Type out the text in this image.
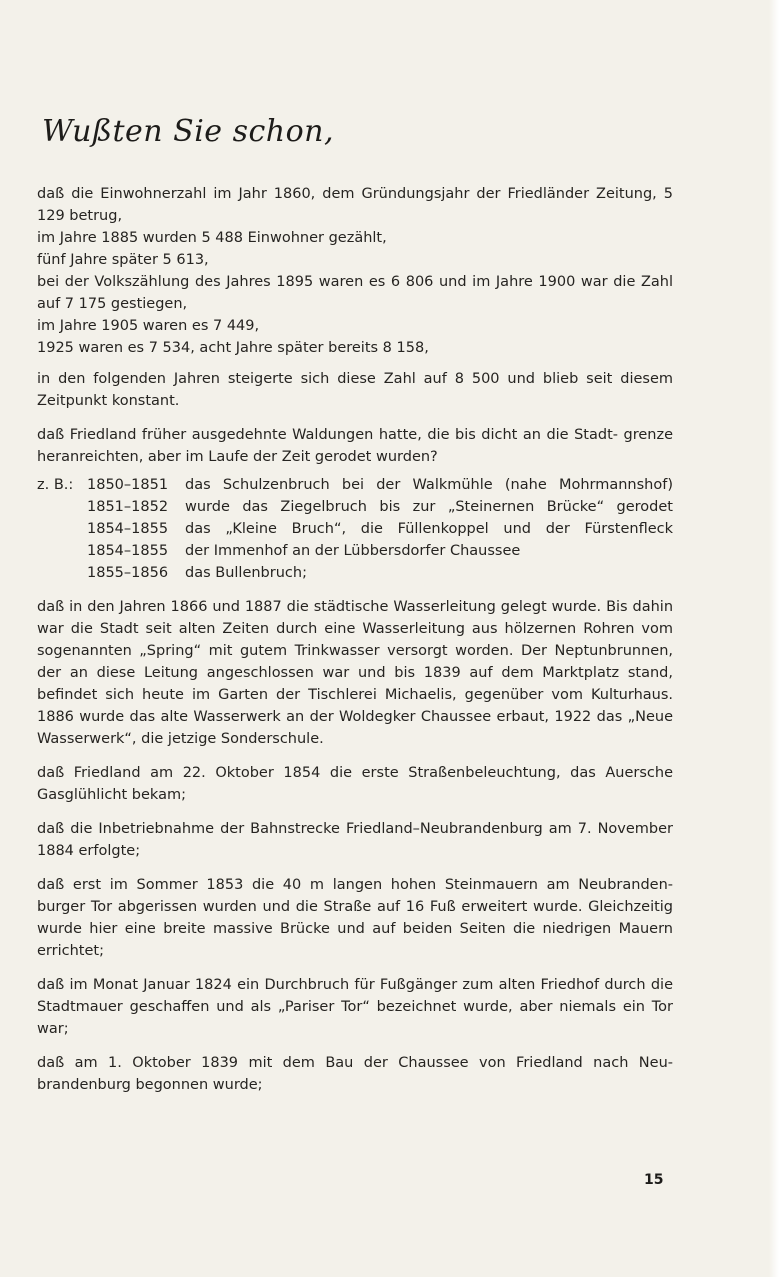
Wußten Sie schon,

daß die Einwohnerzahl im Jahr 1860, dem Gründungsjahr der Friedländer Zeitung, 5 129 betrug,

im Jahre 1885 wurden 5 488 Einwohner gezählt,

fünf Jahre später 5 613,

bei der Volkszählung des Jahres 1895 waren es 6 806 und im Jahre 1900 war die Zahl auf 7 175 gestiegen,

im Jahre 1905 waren es 7 449,

1925 waren es 7 534, acht Jahre später bereits 8 158,

in den folgenden Jahren steigerte sich diese Zahl auf 8 500 und blieb seit diesem Zeitpunkt konstant.

daß Friedland früher ausgedehnte Waldungen hatte, die bis dicht an die Stadt- grenze heranreichten, aber im Laufe der Zeit gerodet wurden?

z. B.: 1850–1851	das Schulzenbruch bei der Walkmühle (nahe Mohrmannshof)
1851–1852	wurde das Ziegelbruch bis zur „Steinernen Brücke“ gerodet
1854–1855	das „Kleine Bruch“, die Füllenkoppel und der Fürstenfleck
1854–1855	der Immenhof an der Lübbersdorfer Chaussee
1855–1856	das Bullenbruch;

daß in den Jahren 1866 und 1887 die städtische Wasserleitung gelegt wurde. Bis dahin war die Stadt seit alten Zeiten durch eine Wasserleitung aus hölzernen Rohren vom sogenannten „Spring“ mit gutem Trinkwasser versorgt worden. Der Neptunbrunnen, der an diese Leitung angeschlossen war und bis 1839 auf dem Marktplatz stand, befindet sich heute im Garten der Tischlerei Michaelis, gegenüber vom Kulturhaus. 1886 wurde das alte Wasserwerk an der Woldegker Chaussee erbaut, 1922 das „Neue Wasserwerk“, die jetzige Sonderschule.

daß Friedland am 22. Oktober 1854 die erste Straßenbeleuchtung, das Auersche Gasglühlicht bekam;

daß die Inbetriebnahme der Bahnstrecke Friedland–Neubrandenburg am 7. November 1884 erfolgte;

daß erst im Sommer 1853 die 40 m langen hohen Steinmauern am Neubranden- burger Tor abgerissen wurden und die Straße auf 16 Fuß erweitert wurde. Gleichzeitig wurde hier eine breite massive Brücke und auf beiden Seiten die niedrigen Mauern errichtet;

daß im Monat Januar 1824 ein Durchbruch für Fußgänger zum alten Friedhof durch die Stadtmauer geschaffen und als „Pariser Tor“ bezeichnet wurde, aber niemals ein Tor war;

daß am 1. Oktober 1839 mit dem Bau der Chaussee von Friedland nach Neu- brandenburg begonnen wurde;

15
